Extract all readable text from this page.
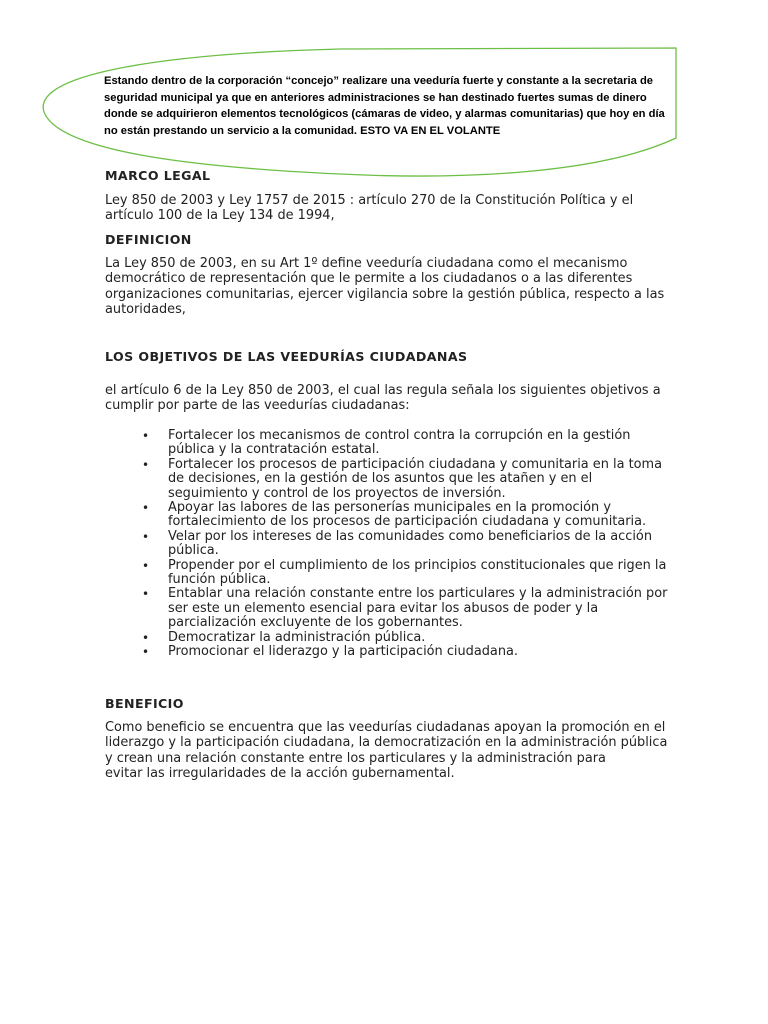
Estando dentro de la corporación “concejo” realizare una veeduría fuerte y constante a la secretaria de seguridad municipal ya que en anteriores administraciones se han destinado fuertes sumas de dinero donde se adquirieron elementos tecnológicos (cámaras de video, y alarmas comunitarias) que hoy en día no están prestando un servicio a la comunidad. ESTO VA EN EL VOLANTE
MARCO LEGAL

Ley 850 de 2003 y Ley 1757 de 2015 : artículo 270 de la Constitución Política y el artículo 100 de la Ley 134 de 1994,

DEFINICION

La Ley 850 de 2003, en su Art 1º define veeduría ciudadana como el mecanismo democrático de representación que le permite a los ciudadanos o a las diferentes organizaciones comunitarias, ejercer vigilancia sobre la gestión pública, respecto a las autoridades,

LOS OBJETIVOS DE LAS VEEDURÍAS CIUDADANAS

el artículo 6 de la Ley 850 de 2003, el cual las regula señala los siguientes objetivos a cumplir por parte de las veedurías ciudadanas:

• Fortalecer los mecanismos de control contra la corrupción en la gestión pública y la contratación estatal.
• Fortalecer los procesos de participación ciudadana y comunitaria en la toma de decisiones, en la gestión de los asuntos que les atañen y en el seguimiento y control de los proyectos de inversión.
• Apoyar las labores de las personerías municipales en la promoción y fortalecimiento de los procesos de participación ciudadana y comunitaria.
• Velar por los intereses de las comunidades como beneficiarios de la acción pública.
• Propender por el cumplimiento de los principios constitucionales que rigen la función pública.
• Entablar una relación constante entre los particulares y la administración por ser este un elemento esencial para evitar los abusos de poder y la parcialización excluyente de los gobernantes.
• Democratizar la administración pública.
• Promocionar el liderazgo y la participación ciudadana.
BENEFICIO
Como beneficio se encuentra que las veedurías ciudadanas apoyan la promoción en el liderazgo y la participación ciudadana, la democratización en la administración pública y crean una relación constante entre los particulares y la administración para
evitar las irregularidades de la acción gubernamental.
